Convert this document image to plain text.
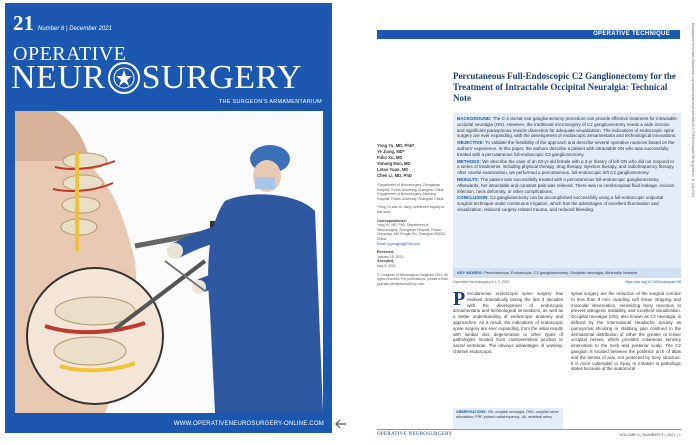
21 Number 6 | December 2021
OPERATIVE
NEUR SURGERY
THE SURGEON'S ARMAMENTARIUM
WWW.OPERATIVENEUROSURGERY-ONLINE.COM
OPERATIVE TECHNIQUE
Percutaneous Full-Endoscopic C2 Ganglionectomy for the Treatment of Intractable Occipital Neuralgia: Technical Note
Yong Yu, MD, PhD*
Ye Jiang, MD*
Fulin Xu, MD
Yuhang Mao, MD
Lotao Yuan, MD
Chen Li, MD, PhD
*Department of Neurosurgery, Zhongshan Hospital, Fudan University, Shanghai, China; *Department of Neurosurgery, Minhang Hospital, Fudan University, Shanghai, China
*Yong Yu and Ye Jiang contributed equally to this work.
Correspondence:
Yong Yu, MD, PhD, Department of Neurosurgery, Zhongshan Hospital, Fudan University, 180 Fenglin Rd, Shanghai 200032, China.
Email: yuyongjing@163.com
Received,
January 15, 2021.
Accepted,
May 5, 2021.
© Congress of Neurological Surgeons 2021. All rights reserved. For permissions, please e-mail: journals.permissions@oup.com

BACKGROUND: The C-2 dorsal root ganglionectomy procedure can provide effective treatment for intractable occipital neuralgia (ON). However, the traditional microsurgery of C2 ganglionectomy needs a wide incision and significant paraspinous muscle dissection for adequate visualization. The indications of endoscopic spine surgery are ever expanding, with the development of endoscopic armamentaria and technological innovations.

OBJECTIVE: To validate the feasibility of the approach and describe several operative nuances based on the authors' experience. In this paper, the authors describe a patient with intractable ON who was successfully treated with a percutaneous full-endoscopic C2 ganglionectomy.

METHODS: We describe the case of an 83-yr-old female with a 2-yr history of left ON who did not respond to a series of treatments, including physical therapy, drug therapy, injection therapy, and radiofrequency therapy. After careful examination, we performed a percutaneous, full-endoscopic left C2 ganglionectomy.

RESULTS: The patient was successfully treated with a percutaneous full-endoscopic ganglionectomy. Afterwards, her intractable and constant pain was relieved. There was no cerebrospinal fluid leakage, incision infection, neck deformity, or other complications.

CONCLUSION: C2 ganglionectomy can be accomplished successfully using a full-endoscopic uniportal surgical technique under continuous irrigation, which has the advantages of excellent illumination and visualization, reduced surgery-related trauma, and reduced bleeding.

KEY WORDS: Percutaneous, Endoscopic, C2 ganglionectomy, Occipital neuralgia, Minimally invasive
Operative Neurosurgery 0:1–7, 2021	https://doi.org/10.1093/ons/opab198
P ercutaneous endoscopic spine surgery has evolved dramatically during the last 3 decades with the development of endoscopic armamentaria and technological innovations, as well as a better understanding of endoscopic anatomy and approaches. As a result, the indications of endoscopic spine surgery are ever expanding, from the initial results with lumbar disc degeneration to other types of pathologies located from craniovertebral junction to sacral vertebrae. The obvious advantages of working-channel endoscopic
spinal surgery are the reduction of the surgical corridor to less than 8 mm, avoiding soft tissue stripping and muscular denervation, minimizing bony resection to prevent iatrogenic instability, and excellent visualization. Occipital neuralgia (ON), also known as C2 neuralgia, is defined by the International Headache Society as paroxysmal shooting or stabbing pain confined to the dermatomal distribution of either the greater or lesser occipital nerves, which provides cutaneous sensory innervation to the neck and posterior scalp. The C2 ganglion is located between the posterior arch of atlas and the lamina of axis, not protected by bony structure. It is more vulnerable to injury or irritation in pathologic states because of the anatomical
ABBREVIATIONS: ON, occipital neuralgia; ONS, occipital nerve stimulation; PRF, pulsed radiofrequency; VA, vertebral artery
OPERATIVE NEUROSURGERY	VOLUME 0 | NUMBER 0 | 2021 | 1
Downloaded from https://academic.oup.com/ons/advance-article/doi/10.1093/ons/opab198 by guest on 11 July 2021
